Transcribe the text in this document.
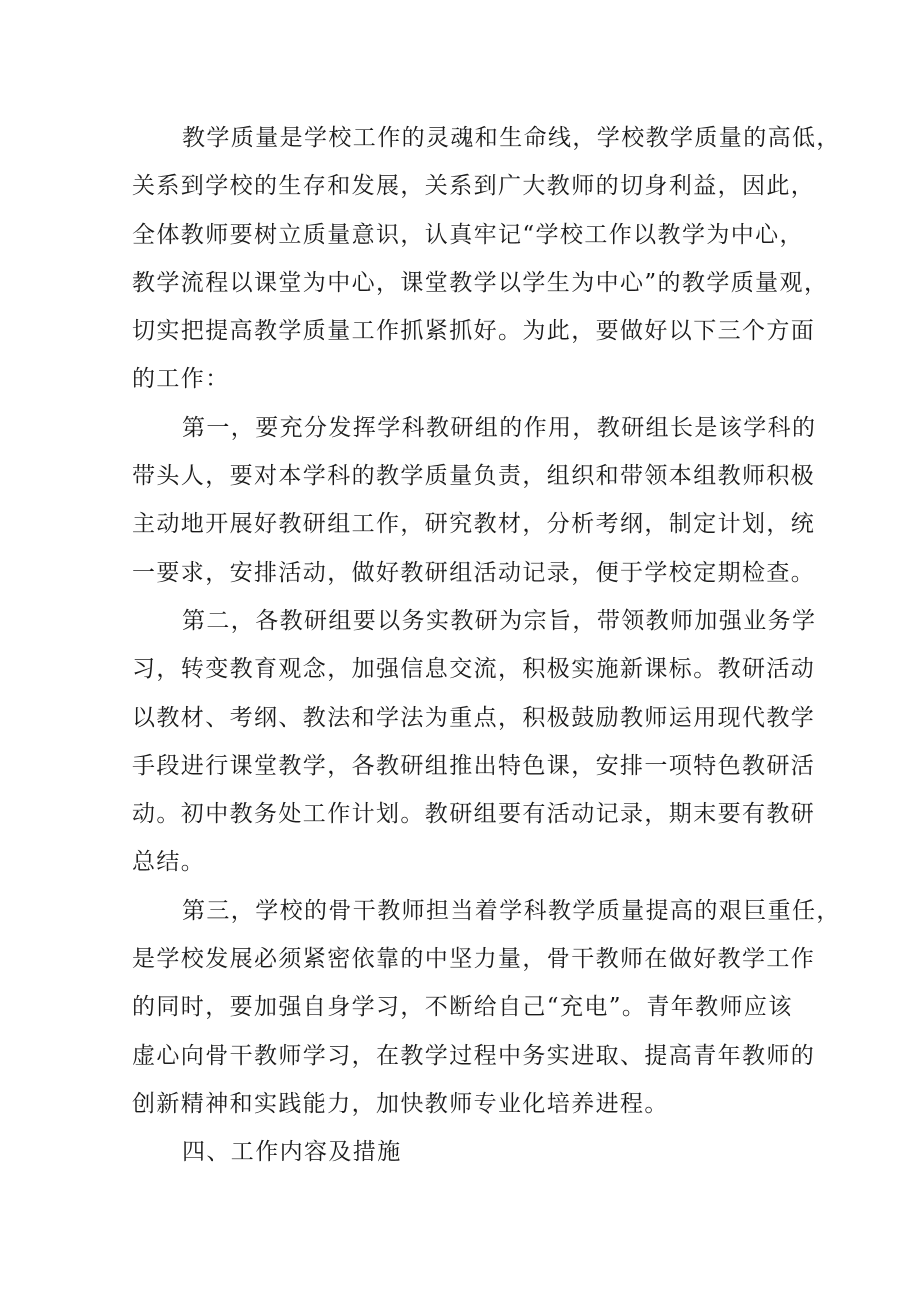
教学质量是学校工作的灵魂和生命线，学校教学质量的高低，
关系到学校的生存和发展，关系到广大教师的切身利益，因此，
全体教师要树立质量意识，认真牢记“学校工作以教学为中心，
教学流程以课堂为中心，课堂教学以学生为中心”的教学质量观，
切实把提高教学质量工作抓紧抓好。为此，要做好以下三个方面
的工作：
第一，要充分发挥学科教研组的作用，教研组长是该学科的
带头人，要对本学科的教学质量负责，组织和带领本组教师积极
主动地开展好教研组工作，研究教材，分析考纲，制定计划，统
一要求，安排活动，做好教研组活动记录，便于学校定期检查。
第二，各教研组要以务实教研为宗旨，带领教师加强业务学
习，转变教育观念，加强信息交流，积极实施新课标。教研活动
以教材、考纲、教法和学法为重点，积极鼓励教师运用现代教学
手段进行课堂教学，各教研组推出特色课，安排一项特色教研活
动。初中教务处工作计划。教研组要有活动记录，期末要有教研
总结。
第三，学校的骨干教师担当着学科教学质量提高的艰巨重任，
是学校发展必须紧密依靠的中坚力量，骨干教师在做好教学工作
的同时，要加强自身学习，不断给自己“充电”。青年教师应该
虚心向骨干教师学习，在教学过程中务实进取、提高青年教师的
创新精神和实践能力，加快教师专业化培养进程。
四、工作内容及措施
